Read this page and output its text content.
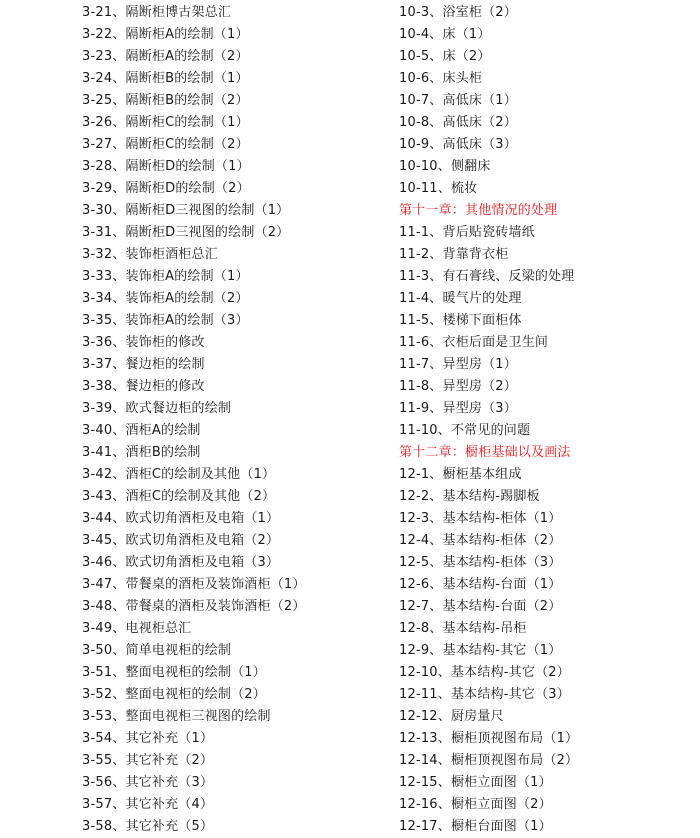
3-21、隔断柜博古架总汇
3-22、隔断柜A的绘制（1）
3-23、隔断柜A的绘制（2）
3-24、隔断柜B的绘制（1）
3-25、隔断柜B的绘制（2）
3-26、隔断柜C的绘制（1）
3-27、隔断柜C的绘制（2）
3-28、隔断柜D的绘制（1）
3-29、隔断柜D的绘制（2）
3-30、隔断柜D三视图的绘制（1）
3-31、隔断柜D三视图的绘制（2）
3-32、装饰柜酒柜总汇
3-33、装饰柜A的绘制（1）
3-34、装饰柜A的绘制（2）
3-35、装饰柜A的绘制（3）
3-36、装饰柜的修改
3-37、餐边柜的绘制
3-38、餐边柜的修改
3-39、欧式餐边柜的绘制
3-40、酒柜A的绘制
3-41、酒柜B的绘制
3-42、酒柜C的绘制及其他（1）
3-43、酒柜C的绘制及其他（2）
3-44、欧式切角酒柜及电箱（1）
3-45、欧式切角酒柜及电箱（2）
3-46、欧式切角酒柜及电箱（3）
3-47、带餐桌的酒柜及装饰酒柜（1）
3-48、带餐桌的酒柜及装饰酒柜（2）
3-49、电视柜总汇
3-50、简单电视柜的绘制
3-51、整面电视柜的绘制（1）
3-52、整面电视柜的绘制（2）
3-53、整面电视柜三视图的绘制
3-54、其它补充（1）
3-55、其它补充（2）
3-56、其它补充（3）
3-57、其它补充（4）
3-58、其它补充（5）
10-3、浴室柜（2）
10-4、床（1）
10-5、床（2）
10-6、床头柜
10-7、高低床（1）
10-8、高低床（2）
10-9、高低床（3）
10-10、侧翻床
10-11、梳妆
第十一章：其他情况的处理
11-1、背后贴瓷砖墙纸
11-2、背靠背衣柜
11-3、有石膏线、反梁的处理
11-4、暖气片的处理
11-5、楼梯下面柜体
11-6、衣柜后面是卫生间
11-7、异型房（1）
11-8、异型房（2）
11-9、异型房（3）
11-10、不常见的问题
第十二章：橱柜基础以及画法
12-1、橱柜基本组成
12-2、基本结构-踢脚板
12-3、基本结构-柜体（1）
12-4、基本结构-柜体（2）
12-5、基本结构-柜体（3）
12-6、基本结构-台面（1）
12-7、基本结构-台面（2）
12-8、基本结构-吊柜
12-9、基本结构-其它（1）
12-10、基本结构-其它（2）
12-11、基本结构-其它（3）
12-12、厨房量尺
12-13、橱柜顶视图布局（1）
12-14、橱柜顶视图布局（2）
12-15、橱柜立面图（1）
12-16、橱柜立面图（2）
12-17、橱柜台面图（1）
